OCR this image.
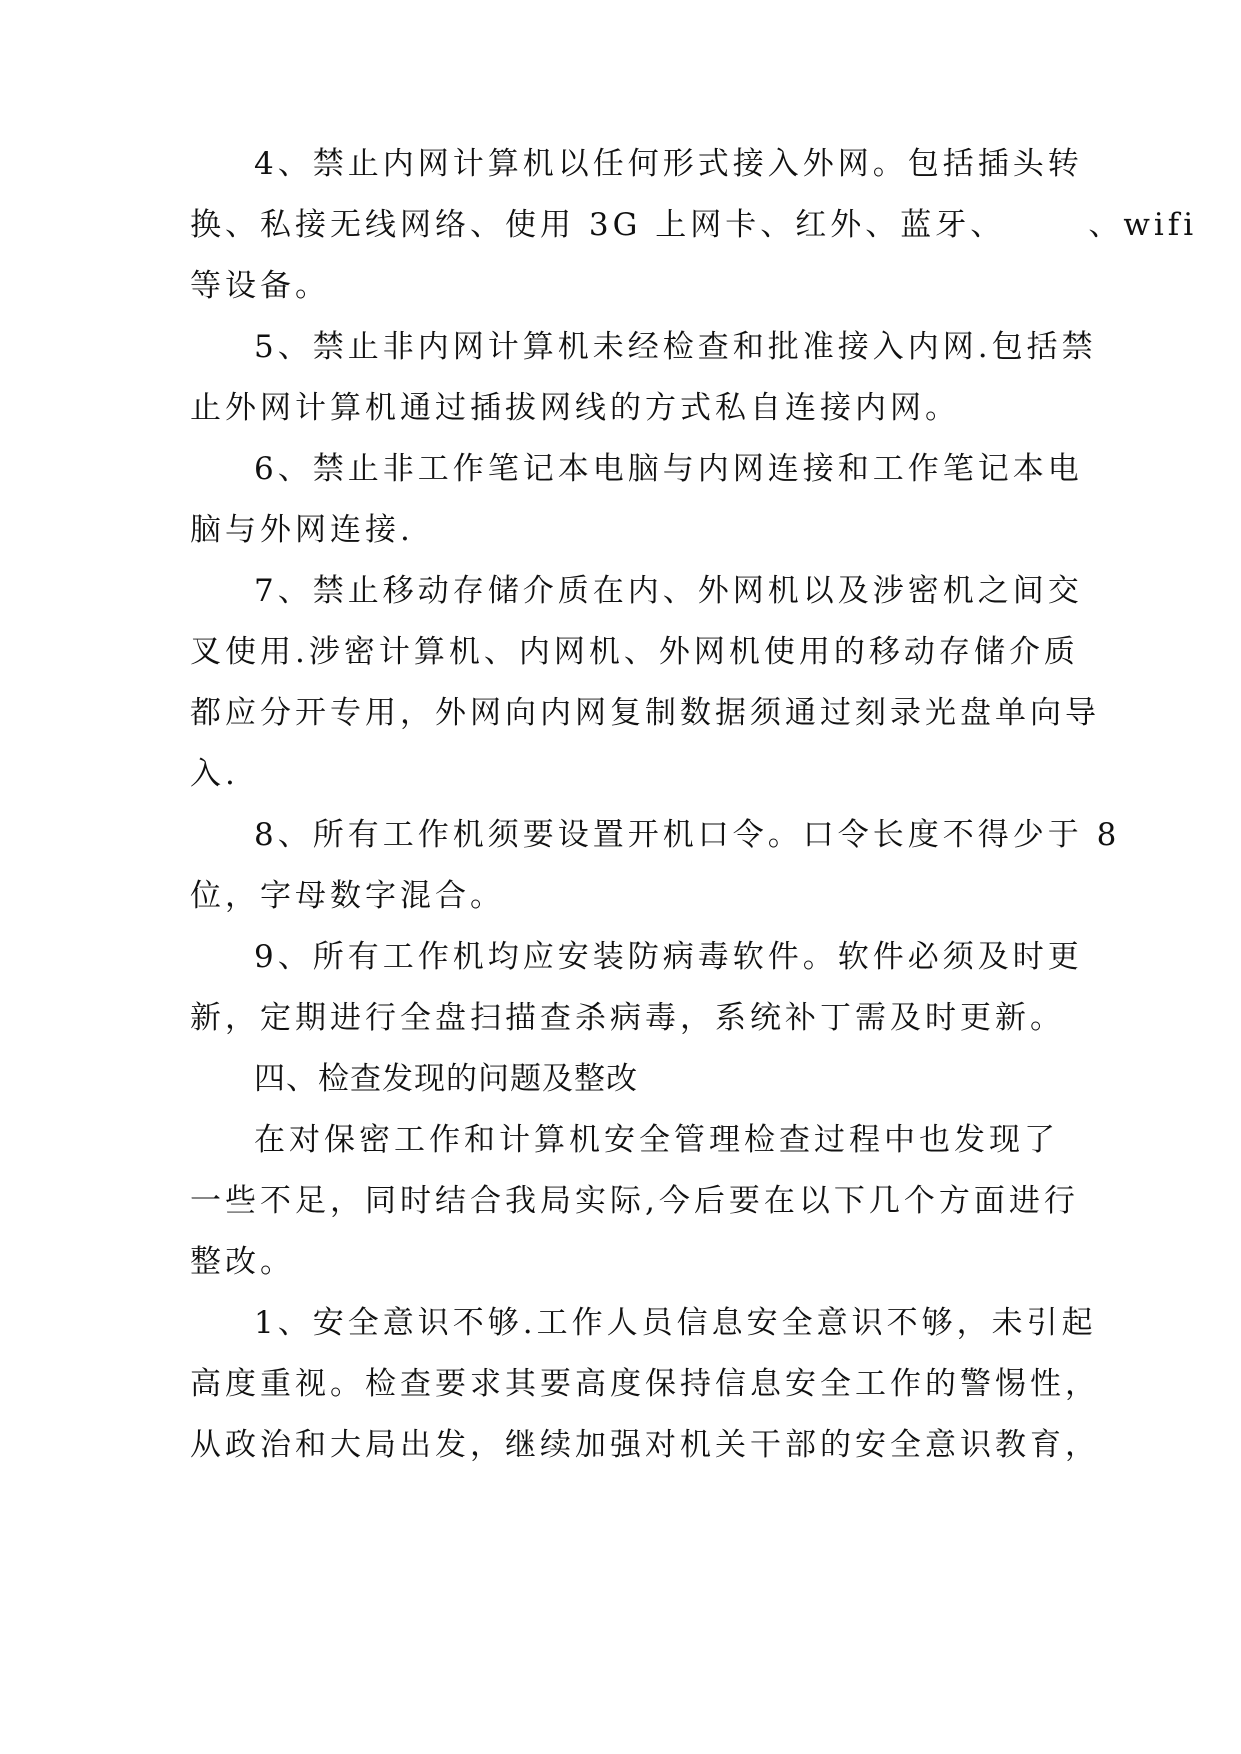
4、禁止内网计算机以任何形式接入外网。包括插头转
换、私接无线网络、使用 3G 上网卡、红外、蓝牙、      、wifi
等设备。
5、禁止非内网计算机未经检查和批准接入内网.包括禁
止外网计算机通过插拔网线的方式私自连接内网。
6、禁止非工作笔记本电脑与内网连接和工作笔记本电
脑与外网连接.
7、禁止移动存储介质在内、外网机以及涉密机之间交
叉使用.涉密计算机、内网机、外网机使用的移动存储介质
都应分开专用，外网向内网复制数据须通过刻录光盘单向导
入.
8、所有工作机须要设置开机口令。口令长度不得少于 8
位，字母数字混合。
9、所有工作机均应安装防病毒软件。软件必须及时更
新，定期进行全盘扫描查杀病毒，系统补丁需及时更新。
四、检查发现的问题及整改
在对保密工作和计算机安全管理检查过程中也发现了
一些不足，同时结合我局实际,今后要在以下几个方面进行
整改。
1、安全意识不够.工作人员信息安全意识不够，未引起
高度重视。检查要求其要高度保持信息安全工作的警惕性，
从政治和大局出发，继续加强对机关干部的安全意识教育，
